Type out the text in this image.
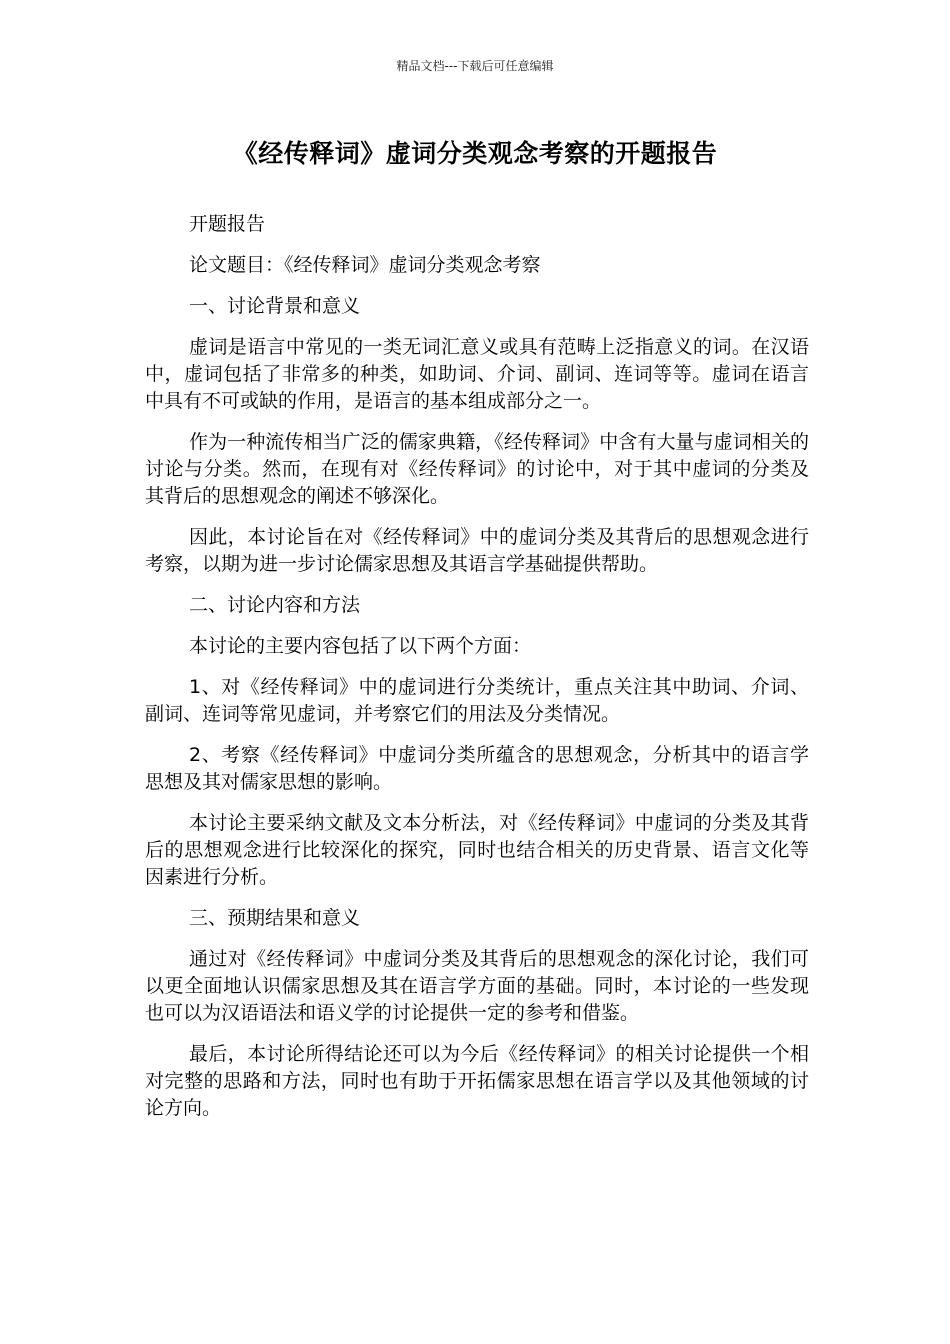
精品文档---下载后可任意编辑
《经传释词》虚词分类观念考察的开题报告

开题报告

论文题目：《经传释词》虚词分类观念考察

一、讨论背景和意义

虚词是语言中常见的一类无词汇意义或具有范畴上泛指意义的词。在汉语中，虚词包括了非常多的种类，如助词、介词、副词、连词等等。虚词在语言中具有不可或缺的作用，是语言的基本组成部分之一。

作为一种流传相当广泛的儒家典籍，《经传释词》中含有大量与虚词相关的讨论与分类。然而，在现有对《经传释词》的讨论中，对于其中虚词的分类及其背后的思想观念的阐述不够深化。

因此，本讨论旨在对《经传释词》中的虚词分类及其背后的思想观念进行考察，以期为进一步讨论儒家思想及其语言学基础提供帮助。

二、讨论内容和方法

本讨论的主要内容包括了以下两个方面：

1、对《经传释词》中的虚词进行分类统计，重点关注其中助词、介词、副词、连词等常见虚词，并考察它们的用法及分类情况。

2、考察《经传释词》中虚词分类所蕴含的思想观念，分析其中的语言学思想及其对儒家思想的影响。

本讨论主要采纳文献及文本分析法，对《经传释词》中虚词的分类及其背后的思想观念进行比较深化的探究，同时也结合相关的历史背景、语言文化等因素进行分析。

三、预期结果和意义

通过对《经传释词》中虚词分类及其背后的思想观念的深化讨论，我们可以更全面地认识儒家思想及其在语言学方面的基础。同时，本讨论的一些发现也可以为汉语语法和语义学的讨论提供一定的参考和借鉴。

最后，本讨论所得结论还可以为今后《经传释词》的相关讨论提供一个相对完整的思路和方法，同时也有助于开拓儒家思想在语言学以及其他领域的讨论方向。
